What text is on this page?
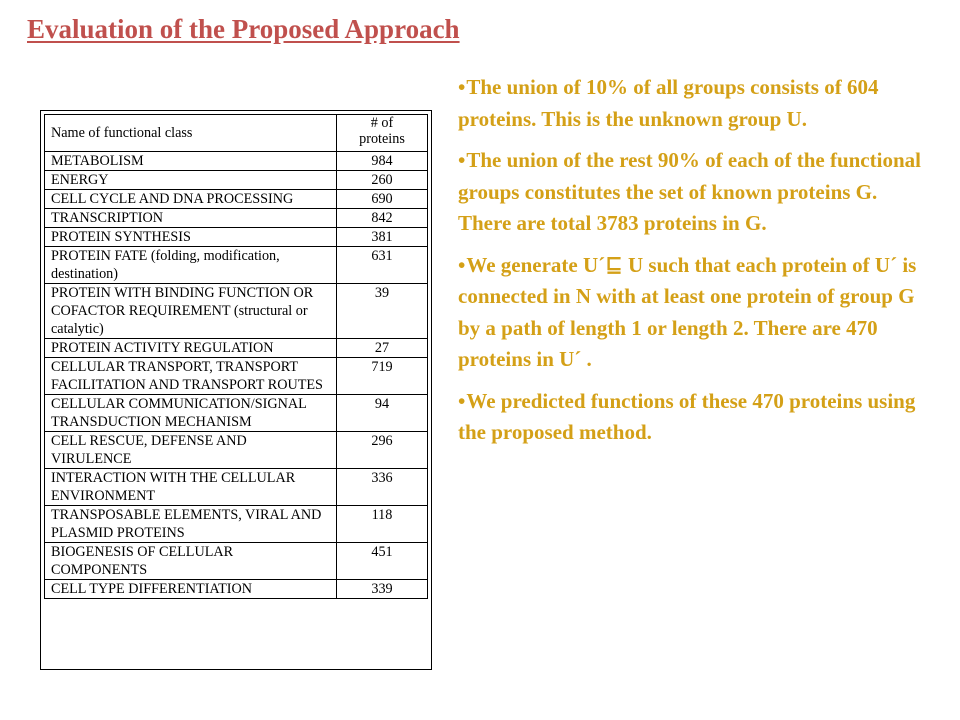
Evaluation of the Proposed Approach
Name of functional class	# of
proteins
METABOLISM	984
ENERGY	260
CELL CYCLE AND DNA PROCESSING	690
TRANSCRIPTION	842
PROTEIN SYNTHESIS	381
PROTEIN FATE (folding, modification, destination)	631
PROTEIN WITH BINDING FUNCTION OR COFACTOR REQUIREMENT (structural or catalytic)	39
PROTEIN ACTIVITY REGULATION	27
CELLULAR TRANSPORT, TRANSPORT FACILITATION AND TRANSPORT ROUTES	719
CELLULAR COMMUNICATION/SIGNAL TRANSDUCTION MECHANISM	94
CELL RESCUE, DEFENSE AND VIRULENCE	296
INTERACTION WITH THE CELLULAR ENVIRONMENT	336
TRANSPOSABLE ELEMENTS, VIRAL AND PLASMID PROTEINS	118
BIOGENESIS OF CELLULAR COMPONENTS	451
CELL TYPE DIFFERENTIATION	339
•The union of 10% of all groups consists of 604 proteins. This is the unknown group U.
•The union of the rest 90% of each of the functional groups constitutes the set of known proteins G. There are total 3783 proteins in G.
•We generate U´⊑ U such that each protein of U´ is connected in N with at least one protein of group G by a path of length 1 or length 2. There are 470 proteins in U´ .
•We predicted functions of these 470 proteins using the proposed method.
